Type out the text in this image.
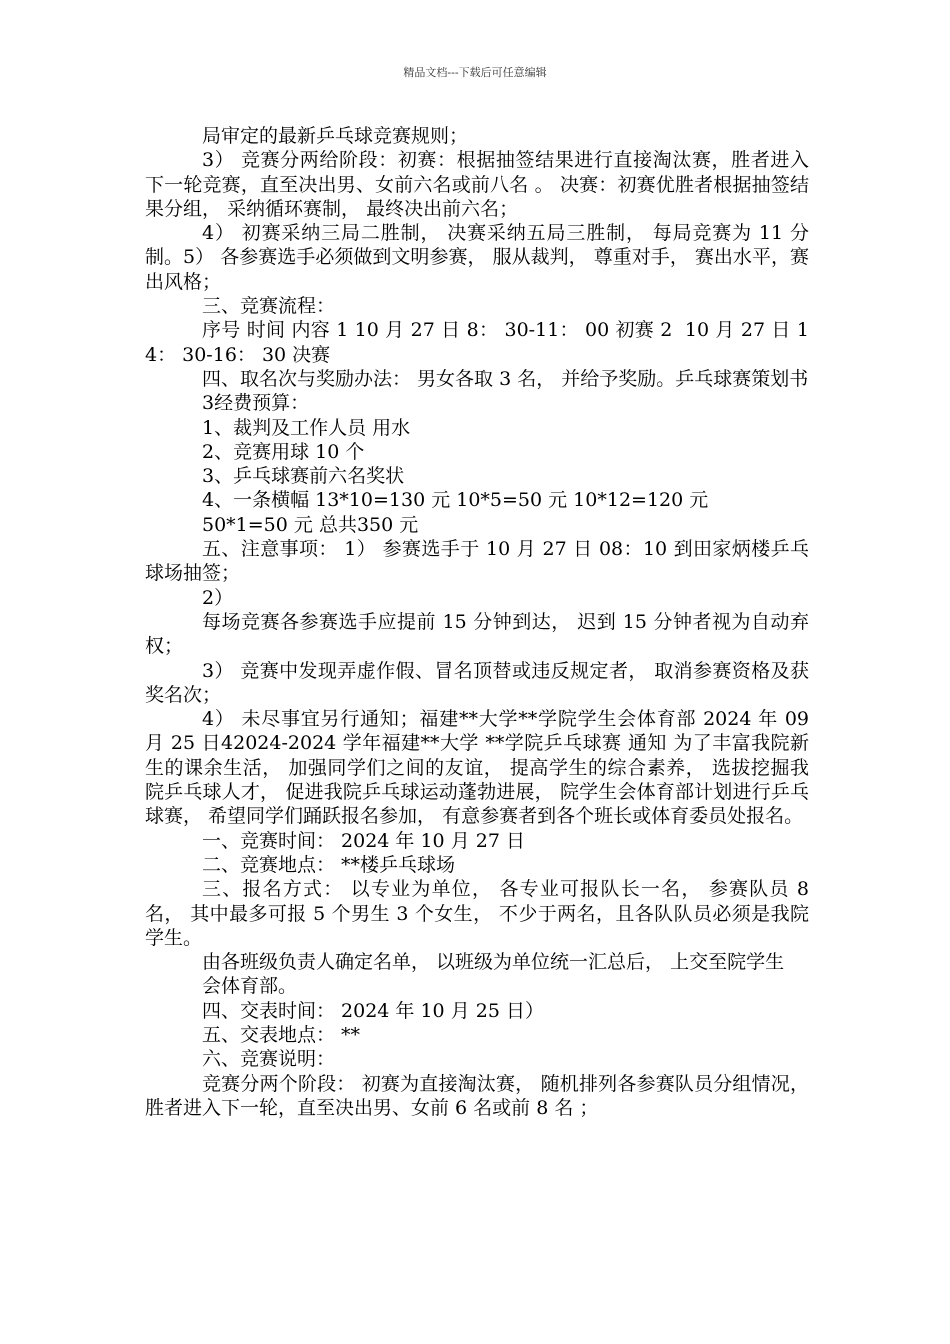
精品文档---下载后可任意编辑

局审定的最新乒乓球竞赛规则；

3） 竞赛分两给阶段：初赛：根据抽签结果进行直接淘汰赛，胜者进入下一轮竞赛，直至决出男、女前六名或前八名 。 决赛：初赛优胜者根据抽签结果分组， 采纳循环赛制， 最终决出前六名；

4） 初赛采纳三局二胜制， 决赛采纳五局三胜制， 每局竞赛为 11 分制。5） 各参赛选手必须做到文明参赛， 服从裁判， 尊重对手， 赛出水平，赛出风格；

三、竞赛流程：

序号 时间 内容 1 10 月 27 日 8： 30-11： 00 初赛 2  10 月 27 日 14： 30-16： 30 决赛

四、取名次与奖励办法： 男女各取 3 名， 并给予奖励。乒乓球赛策划书

3经费预算：

1、裁判及工作人员 用水

2、竞赛用球 10 个

3、乒乓球赛前六名奖状

4、一条横幅 13*10=130 元 10*5=50 元 10*12=120 元

50*1=50 元 总共350 元

五、注意事项： 1） 参赛选手于 10 月 27 日 08：10 到田家炳楼乒乓球场抽签；

2）

每场竞赛各参赛选手应提前 15 分钟到达， 迟到 15 分钟者视为自动弃权；

3） 竞赛中发现弄虚作假、冒名顶替或违反规定者， 取消参赛资格及获奖名次；

4） 未尽事宜另行通知；福建**大学**学院学生会体育部 2024 年 09 月 25 日42024-2024 学年福建**大学 **学院乒乓球赛 通知 为了丰富我院新生的课余生活， 加强同学们之间的友谊， 提高学生的综合素养， 选拔挖掘我院乒乓球人才， 促进我院乒乓球运动蓬勃进展， 院学生会体育部计划进行乒乓球赛， 希望同学们踊跃报名参加， 有意参赛者到各个班长或体育委员处报名。

一、竞赛时间： 2024 年 10 月 27 日

二、竞赛地点： **楼乒乓球场

三、报名方式： 以专业为单位， 各专业可报队长一名， 参赛队员 8 名， 其中最多可报 5 个男生 3 个女生， 不少于两名，且各队队员必须是我院学生。

由各班级负责人确定名单， 以班级为单位统一汇总后， 上交至院学生

会体育部。

四、交表时间： 2024 年 10 月 25 日）

五、交表地点： **

六、竞赛说明：

竞赛分两个阶段： 初赛为直接淘汰赛， 随机排列各参赛队员分组情况， 胜者进入下一轮，直至决出男、女前 6 名或前 8 名 ；
